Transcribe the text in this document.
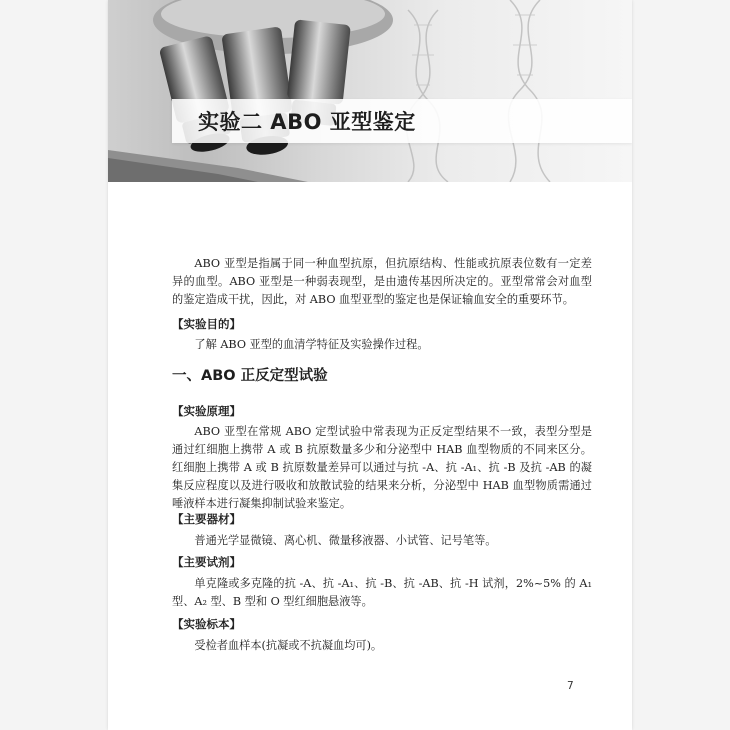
实验二 ABO 亚型鉴定

ABO 亚型是指属于同一种血型抗原，但抗原结构、性能或抗原表位数有一定差异的血型。ABO 亚型是一种弱表现型，是由遗传基因所决定的。亚型常常会对血型的鉴定造成干扰，因此，对 ABO 血型亚型的鉴定也是保证输血安全的重要环节。

【实验目的】

了解 ABO 亚型的血清学特征及实验操作过程。

一、ABO 正反定型试验
【实验原理】

ABO 亚型在常规 ABO 定型试验中常表现为正反定型结果不一致，表型分型是通过红细胞上携带 A 或 B 抗原数量多少和分泌型中 HAB 血型物质的不同来区分。红细胞上携带 A 或 B 抗原数量差异可以通过与抗 -A、抗 -A₁、抗 -B 及抗 -AB 的凝集反应程度以及进行吸收和放散试验的结果来分析，分泌型中 HAB 血型物质需通过唾液样本进行凝集抑制试验来鉴定。

【主要器材】

普通光学显微镜、离心机、微量移液器、小试管、记号笔等。

【主要试剂】

单克隆或多克隆的抗 -A、抗 -A₁、抗 -B、抗 -AB、抗 -H 试剂，2%~5% 的 A₁ 型、A₂ 型、B 型和 O 型红细胞悬液等。

【实验标本】

受检者血样本(抗凝或不抗凝血均可)。

7
